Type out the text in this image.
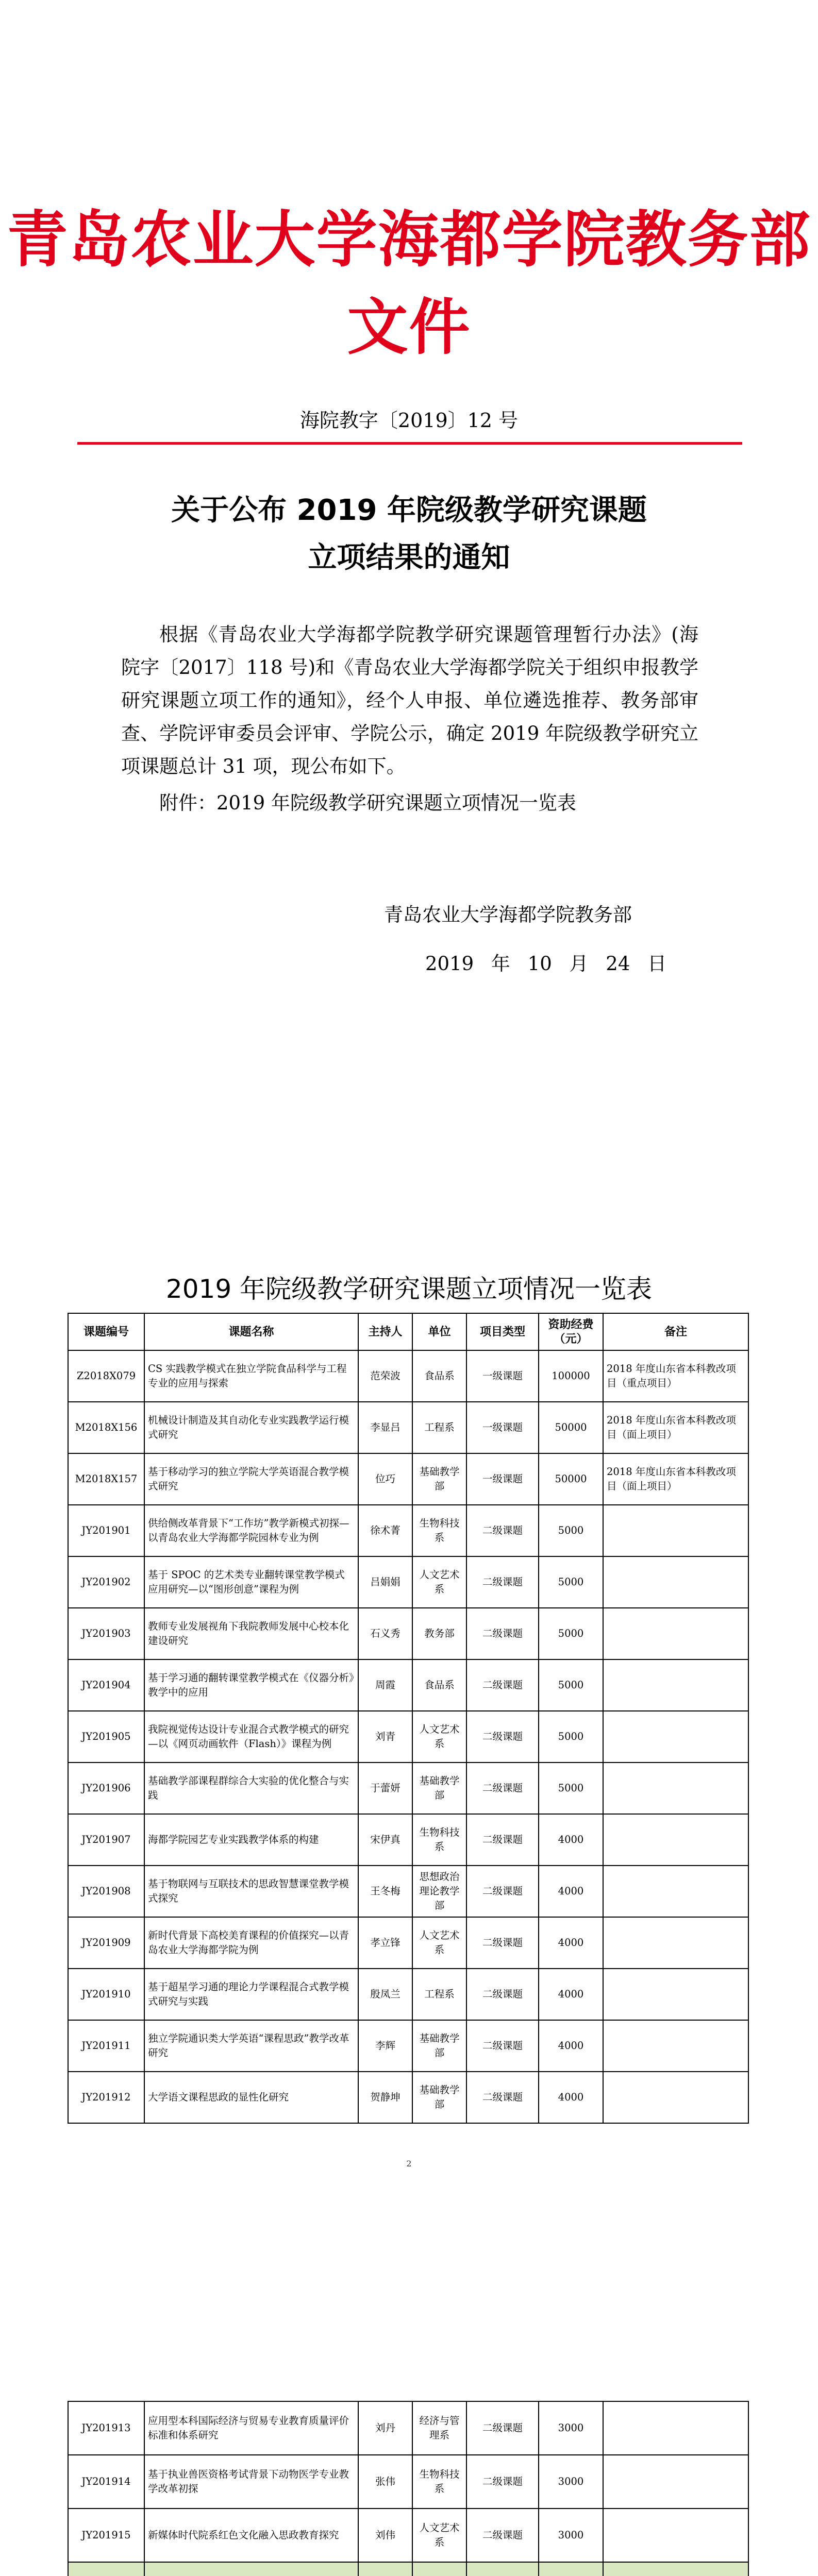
青岛农业大学海都学院教务部文件
海院教字〔2019〕12 号
关于公布 2019 年院级教学研究课题
立项结果的通知
根据《青岛农业大学海都学院教学研究课题管理暂行办法》(海院字〔2017〕118 号)和《青岛农业大学海都学院关于组织申报教学研究课题立项工作的通知》，经个人申报、单位遴选推荐、教务部审查、学院评审委员会评审、学院公示，确定 2019 年院级教学研究立项课题总计 31 项，现公布如下。
附件：2019 年院级教学研究课题立项情况一览表
青岛农业大学海都学院教务部
2019 年 10 月 24 日
2019 年院级教学研究课题立项情况一览表
课题编号	课题名称	主持人	单位	项目类型	资助经费（元）	备注
Z2018X079	CS 实践教学模式在独立学院食品科学与工程专业的应用与探索	范荣波	食品系	一级课题	100000	2018 年度山东省本科教改项目（重点项目）
M2018X156	机械设计制造及其自动化专业实践教学运行模式研究	李显吕	工程系	一级课题	50000	2018 年度山东省本科教改项目（面上项目）
M2018X157	基于移动学习的独立学院大学英语混合教学模式研究	位巧	基础教学部	一级课题	50000	2018 年度山东省本科教改项目（面上项目）
JY201901	供给侧改革背景下“工作坊”教学新模式初探—以青岛农业大学海都学院园林专业为例	徐术菁	生物科技系	二级课题	5000	
JY201902	基于 SPOC 的艺术类专业翻转课堂教学模式应用研究—以“图形创意”课程为例	吕娟娟	人文艺术系	二级课题	5000	
JY201903	教师专业发展视角下我院教师发展中心校本化建设研究	石义秀	教务部	二级课题	5000	
JY201904	基于学习通的翻转课堂教学模式在《仪器分析》教学中的应用	周霞	食品系	二级课题	5000	
JY201905	我院视觉传达设计专业混合式教学模式的研究—以《网页动画软件（Flash）》课程为例	刘青	人文艺术系	二级课题	5000	
JY201906	基础教学部课程群综合大实验的优化整合与实践	于蕾妍	基础教学部	二级课题	5000	
JY201907	海都学院园艺专业实践教学体系的构建	宋伊真	生物科技系	二级课题	4000	
JY201908	基于物联网与互联技术的思政智慧课堂教学模式探究	王冬梅	思想政治理论教学部	二级课题	4000	
JY201909	新时代背景下高校美育课程的价值探究—以青岛农业大学海都学院为例	孝立锋	人文艺术系	二级课题	4000	
JY201910	基于超星学习通的理论力学课程混合式教学模式研究与实践	殷凤兰	工程系	二级课题	4000	
JY201911	独立学院通识类大学英语“课程思政”教学改革研究	李辉	基础教学部	二级课题	4000	
JY201912	大学语文课程思政的显性化研究	贺静坤	基础教学部	二级课题	4000	
2
JY201913	应用型本科国际经济与贸易专业教育质量评价标准和体系研究	刘丹	经济与管理系	二级课题	3000	
JY201914	基于执业兽医资格考试背景下动物医学专业教学改革初探	张伟	生物科技系	二级课题	3000	
JY201915	新媒体时代院系红色文化融入思政教育探究	刘伟	人文艺术系	二级课题	3000	
